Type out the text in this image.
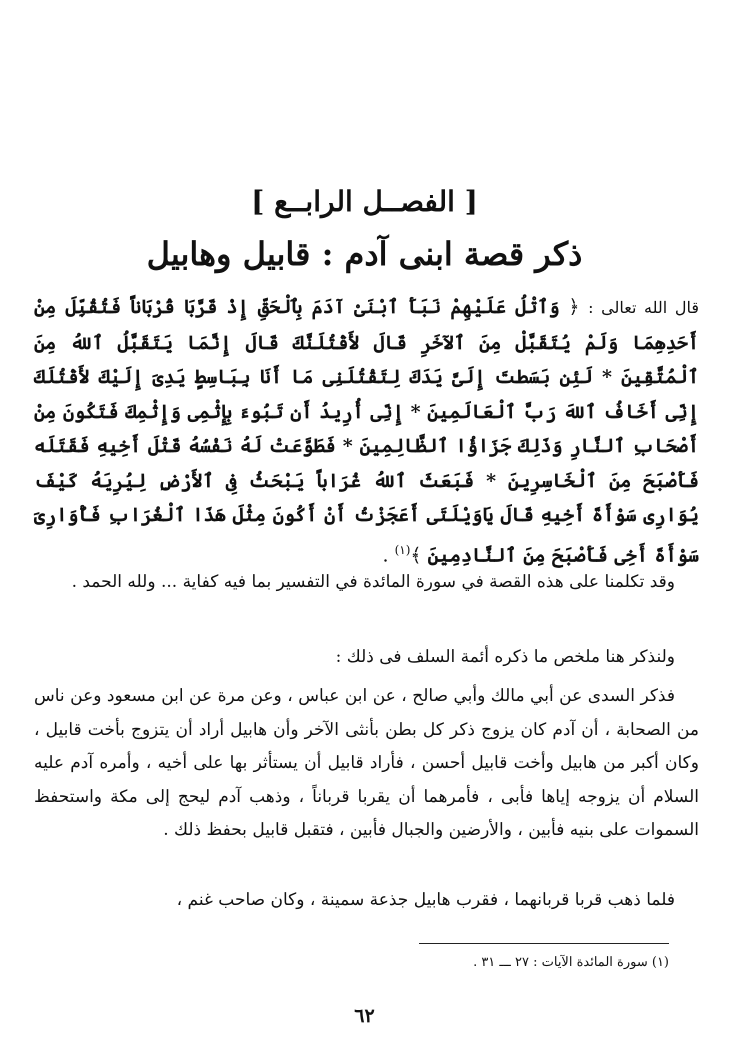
[ الفصــل الرابــع ]
ذكر قصة ابنى آدم : قابيل وهابيل

قال الله تعالى : ﴿ وَٱتْلُ عَلَيْهِمْ نَبَأَ ٱبْنَىْ آدَمَ بِٱلْحَقِّ إِذْ قَرَّبَا قُرْبَاناً فَتُقُبِّلَ مِنْ أَحَدِهِمَا وَلَمْ يُتَقَبَّلْ مِنَ ٱلآخَرِ قَالَ لأَقْتُلَنَّكَ قَالَ إِنَّمَا يَتَقَبَّلُ ٱللهُ مِنَ ٱلْمُتَّقِينَ * لَئِن بَسَطتَ إِلَىَّ يَدَكَ لِتَقْتُلَنِى مَا أَنَا بِبَاسِطٍ يَدِىَ إِلَيْكَ لأَقْتُلَكَ إِنِّى أَخَافُ ٱللهَ رَبَّ ٱلْعَالَمِينَ * إِنِّى أُرِيدُ أَن تَبُوءَ بِإِثْمِى وَإِثْمِكَ فَتَكُونَ مِنْ أَصْحَابِ ٱلنَّارِ وَذَلِكَ جَزَاؤُا ٱلظَّالِمِينَ * فَطَوَّعَتْ لَهُ نَفْسُهُ قَتْلَ أَخِيهِ فَقَتَلَه فَأَصْبَحَ مِنَ ٱلْخَاسِرِينَ * فَبَعَثَ ٱللهُ غُرَاباً يَبْحَثُ فِى ٱلأَرْضِ لِيُرِيَهُ كَيْفَ يُوَارِى سَوْأَةَ أَخِيهِ قَالَ يَاوَيْلَتَى أَعَجَزْتُ أَنْ أَكُونَ مِثْلَ هَذَا ٱلْغُرَابِ فَأُوَارِىَ سَوْأَةَ أَخِى فَأَصْبَحَ مِنَ ٱلنَّادِمِينَ ﴾$^{(١)}$ .

وقد تكلمنا على هذه القصة في سورة المائدة في التفسير بما فيه كفاية ... ولله الحمد .

ولنذكر هنا ملخص ما ذكره أئمة السلف فى ذلك :

فذكر السدى عن أبي مالك وأبي صالح ، عن ابن عباس ، وعن مرة عن ابن مسعود وعن ناس من الصحابة ، أن آدم كان يزوج ذكر كل بطن بأنثى الآخر وأن هابيل أراد أن يتزوج بأخت قابيل ، وكان أكبر من هابيل وأخت قابيل أحسن ، فأراد قابيل أن يستأثر بها على أخيه ، وأمره آدم عليه السلام أن يزوجه إياها فأبى ، فأمرهما أن يقربا قرباناً ، وذهب آدم ليحج إلى مكة واستحفظ السموات على بنيه فأبين ، والأرضين والجبال فأبين ، فتقبل قابيل بحفظ ذلك .

فلما ذهب قربا قربانهما ، فقرب هابيل جذعة سمينة ، وكان صاحب غنم ،

(١) سورة المائدة الآيات : ٢٧ ـــ ٣١ .

٦٢
